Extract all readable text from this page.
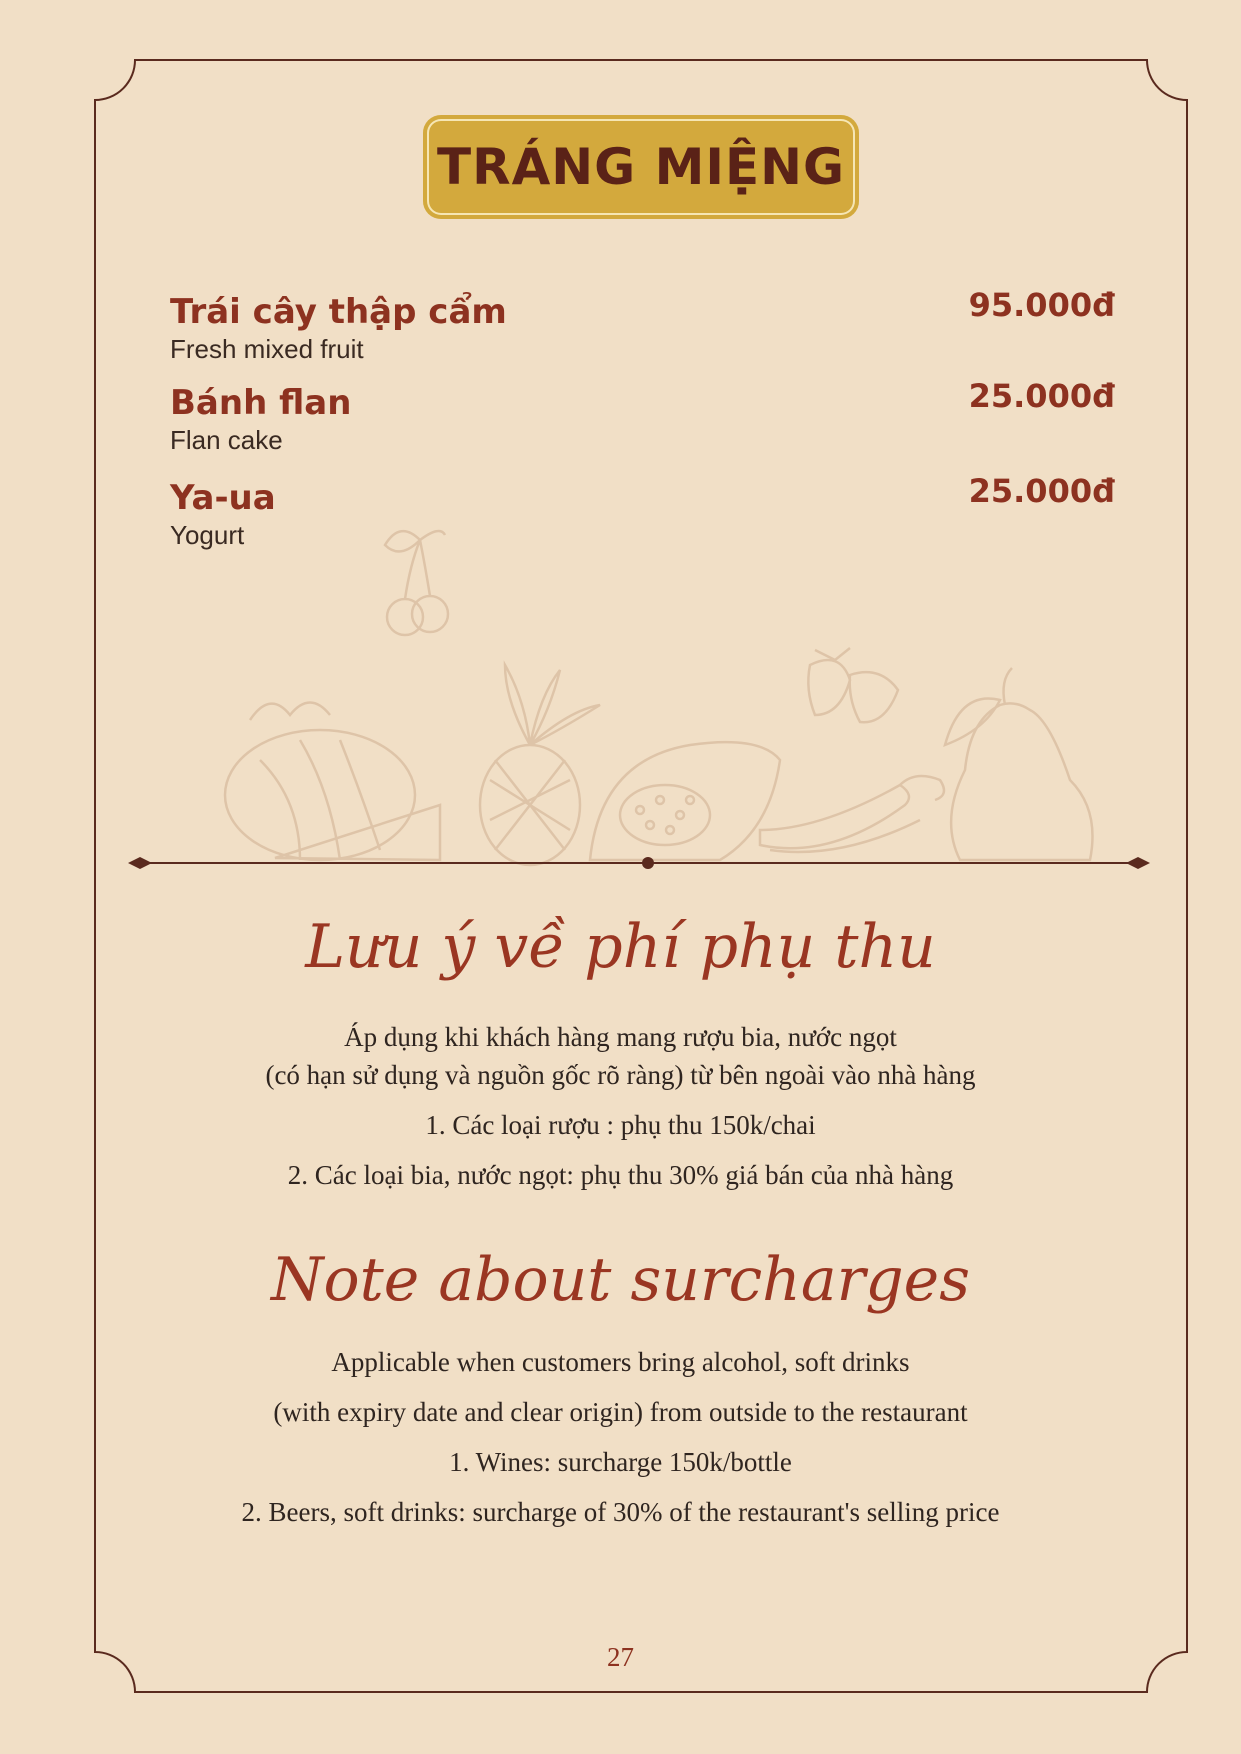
TRÁNG MIỆNG
Trái cây thập cẩm
Fresh mixed fruit
95.000đ
Bánh flan
Flan cake
25.000đ
Ya-ua
Yogurt
25.000đ
Lưu ý về phí phụ thu
Áp dụng khi khách hàng mang rượu bia, nước ngọt
(có hạn sử dụng và nguồn gốc rõ ràng) từ bên ngoài vào nhà hàng
1. Các loại rượu : phụ thu 150k/chai
2. Các loại bia, nước ngọt: phụ thu 30% giá bán của nhà hàng
Note about surcharges
Applicable when customers bring alcohol, soft drinks
(with expiry date and clear origin) from outside to the restaurant
1. Wines: surcharge 150k/bottle
2. Beers, soft drinks: surcharge of 30% of the restaurant's selling price
27
